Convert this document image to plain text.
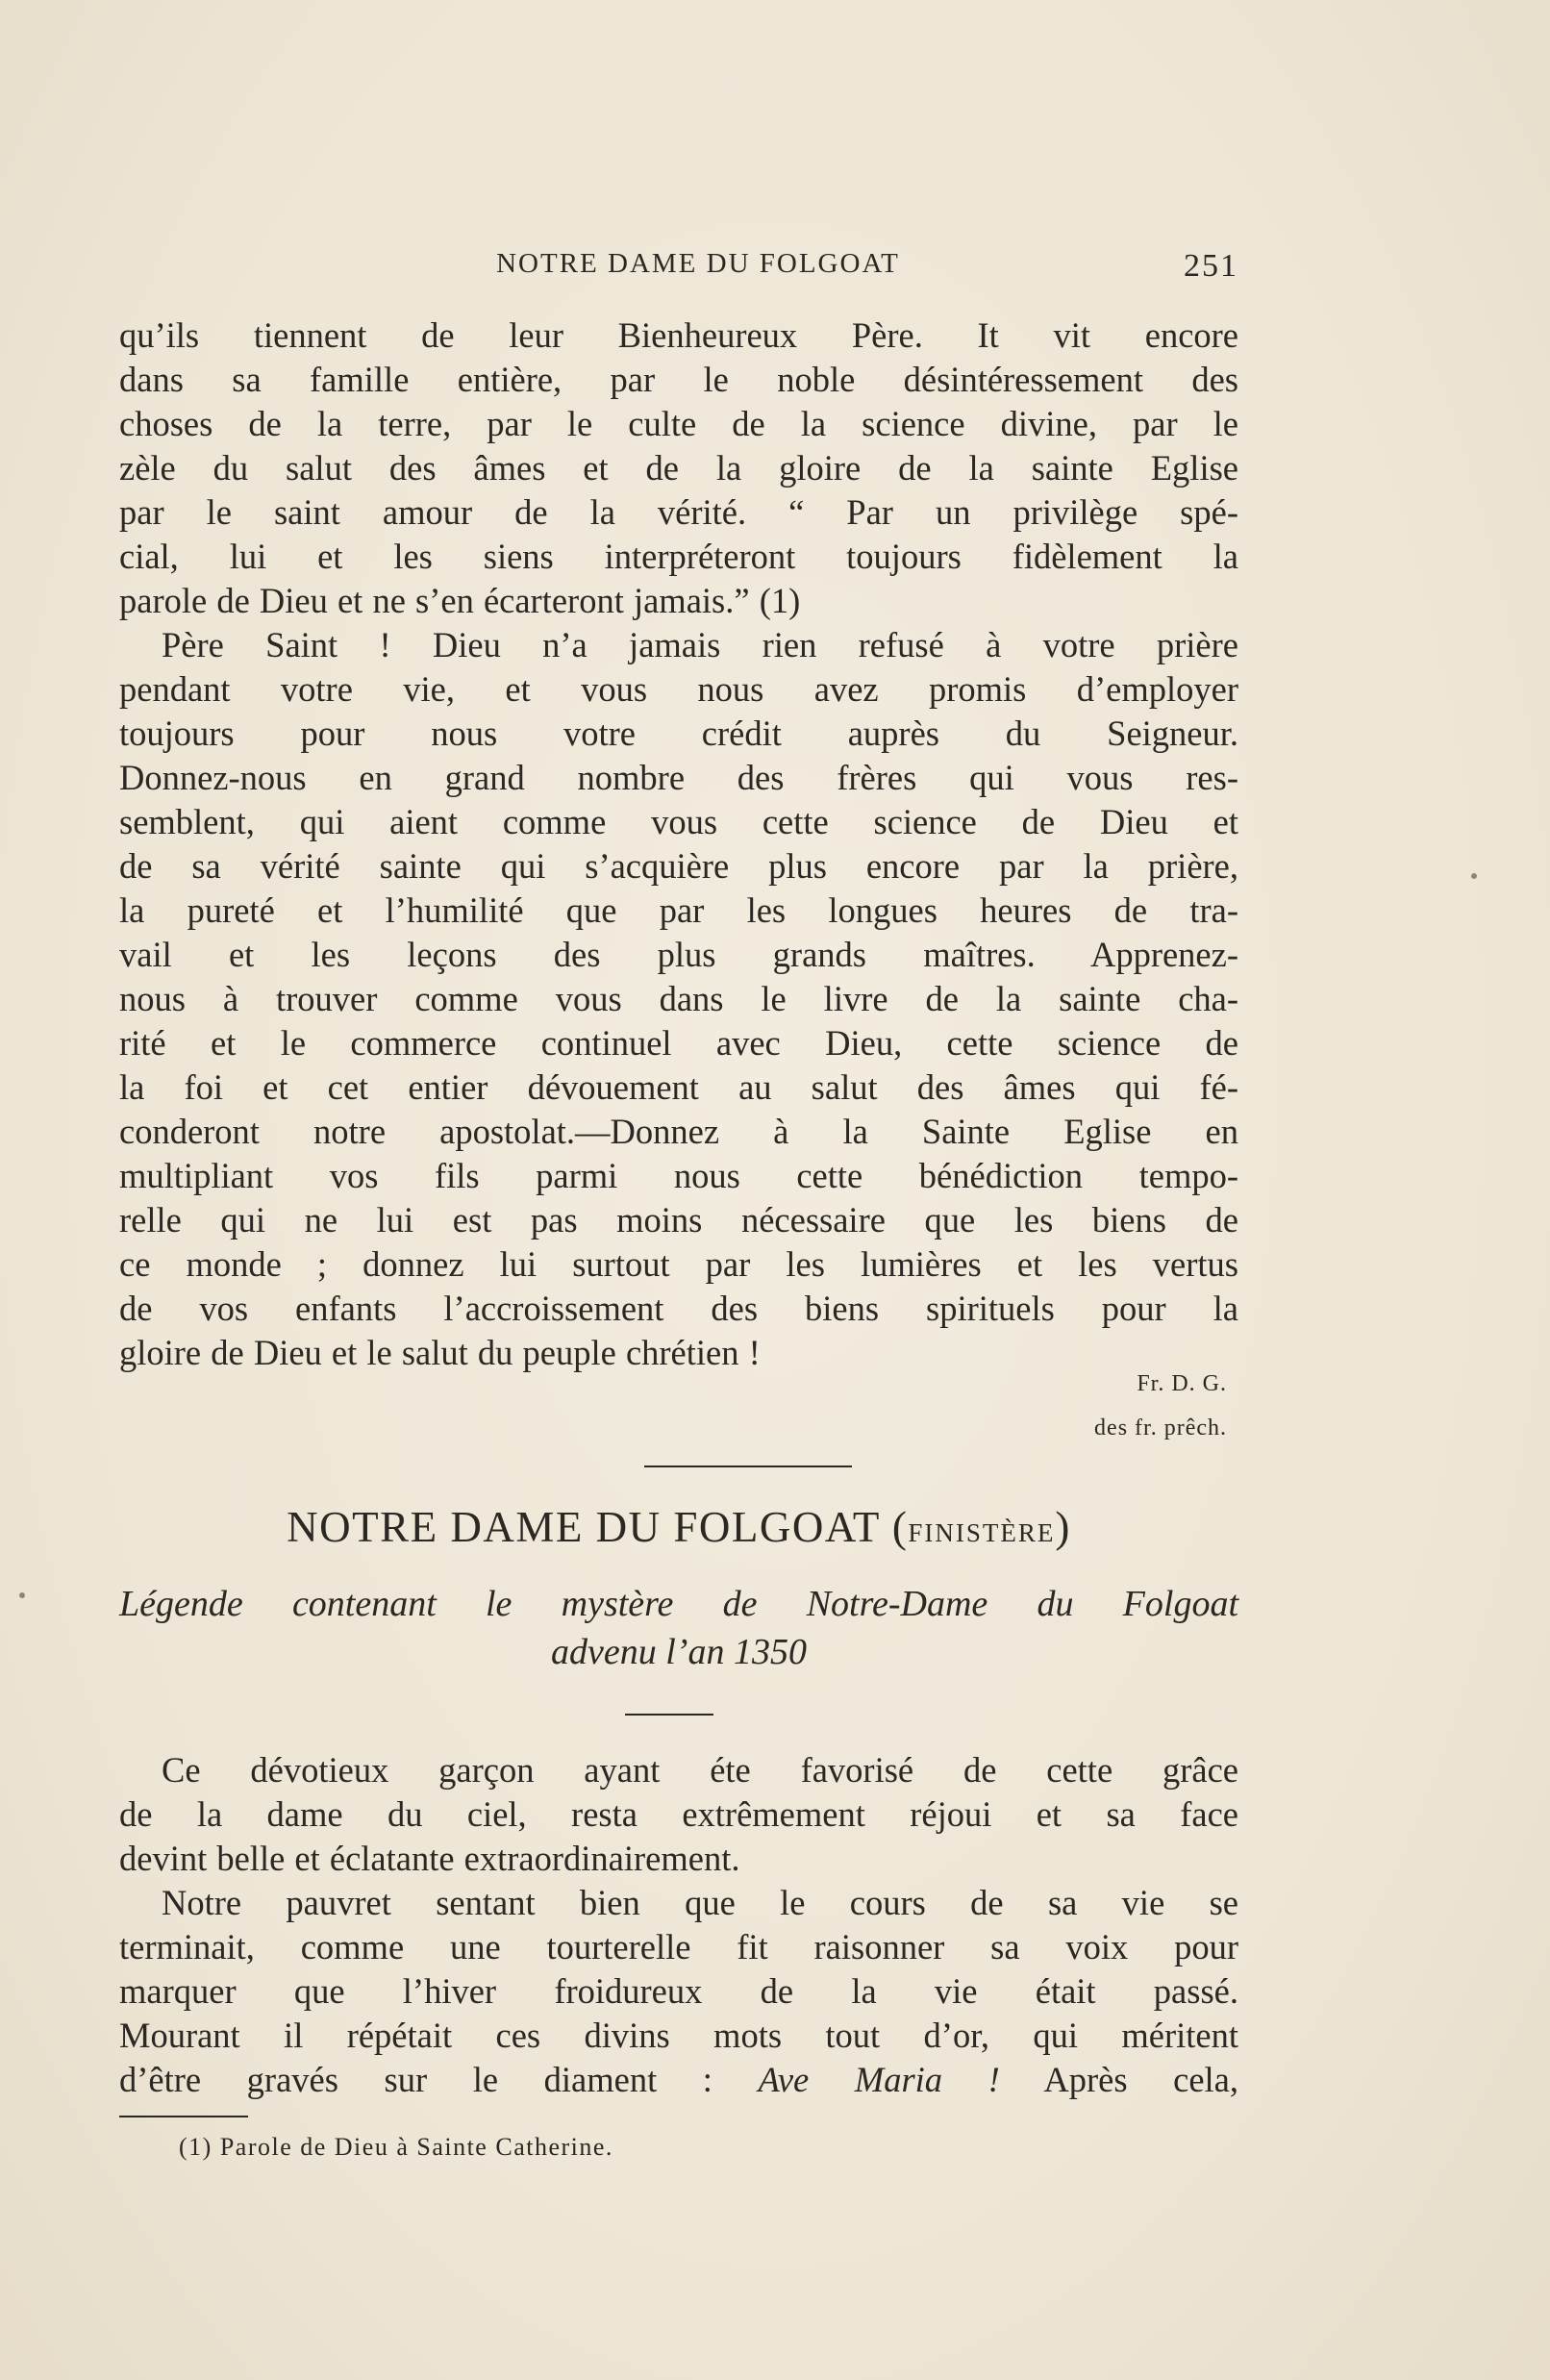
NOTRE DAME DU FOLGOAT	251
qu’ils tiennent de leur Bienheureux Père. It vit encore
dans sa famille entière, par le noble désintéressement des
choses de la terre, par le culte de la science divine, par le
zèle du salut des âmes et de la gloire de la sainte Eglise
par le saint amour de la vérité. “ Par un privilège spé-
cial, lui et les siens interpréteront toujours fidèlement la
parole de Dieu et ne s’en écarteront jamais.” (1)
Père Saint ! Dieu n’a jamais rien refusé à votre prière
pendant votre vie, et vous nous avez promis d’employer
toujours pour nous votre crédit auprès du Seigneur.
Donnez-nous en grand nombre des frères qui vous res-
semblent, qui aient comme vous cette science de Dieu et
de sa vérité sainte qui s’acquière plus encore par la prière,
la pureté et l’humilité que par les longues heures de tra-
vail et les leçons des plus grands maîtres. Apprenez-
nous à trouver comme vous dans le livre de la sainte cha-
rité et le commerce continuel avec Dieu, cette science de
la foi et cet entier dévouement au salut des âmes qui fé-
conderont notre apostolat.—Donnez à la Sainte Eglise en
multipliant vos fils parmi nous cette bénédiction tempo-
relle qui ne lui est pas moins nécessaire que les biens de
ce monde ; donnez lui surtout par les lumières et les vertus
de vos enfants l’accroissement des biens spirituels pour la
gloire de Dieu et le salut du peuple chrétien !
Fr. D. G.
des fr. prêch.
NOTRE DAME DU FOLGOAT (FINISTÈRE)
Légende contenant le mystère de Notre-Dame du Folgoat
advenu l’an 1350
Ce dévotieux garçon ayant éte favorisé de cette grâce
de la dame du ciel, resta extrêmement réjoui et sa face
devint belle et éclatante extraordinairement.
Notre pauvret sentant bien que le cours de sa vie se
terminait, comme une tourterelle fit raisonner sa voix pour
marquer que l’hiver froidureux de la vie était passé.
Mourant il répétait ces divins mots tout d’or, qui méritent
d’être gravés sur le diament : Ave Maria ! Après cela,
(1) Parole de Dieu à Sainte Catherine.
